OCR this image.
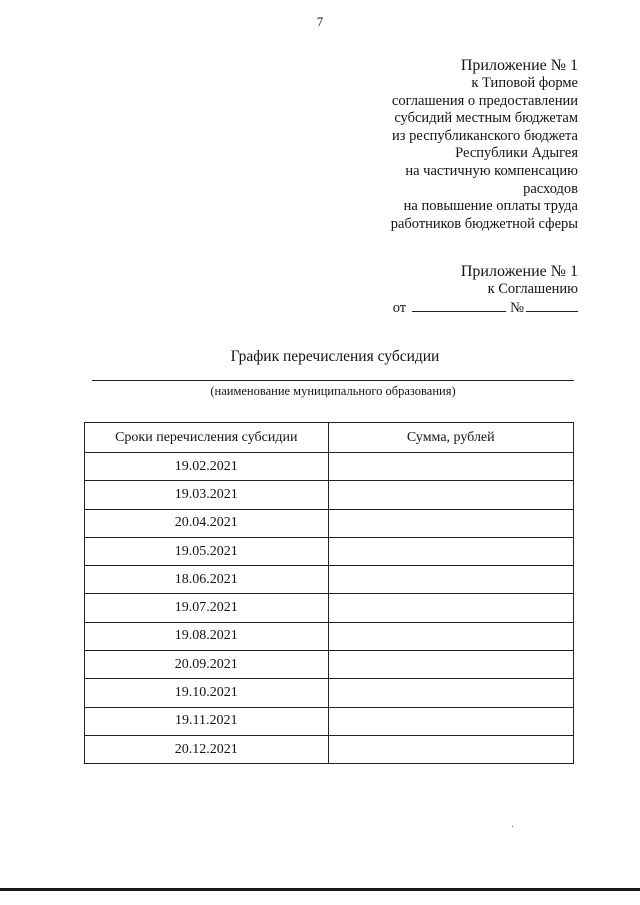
7
Приложение № 1
к Типовой форме
соглашения о предоставлении
субсидий местным бюджетам
из республиканского бюджета
Республики Адыгея
на частичную компенсацию
расходов
на повышение оплаты труда
работников бюджетной сферы
Приложение № 1
к Соглашению
от	№
График перечисления субсидии
(наименование муниципального образования)
Сроки перечисления субсидии	Сумма, рублей
19.02.2021	
19.03.2021	
20.04.2021	
19.05.2021	
18.06.2021	
19.07.2021	
19.08.2021	
20.09.2021	
19.10.2021	
19.11.2021	
20.12.2021	
